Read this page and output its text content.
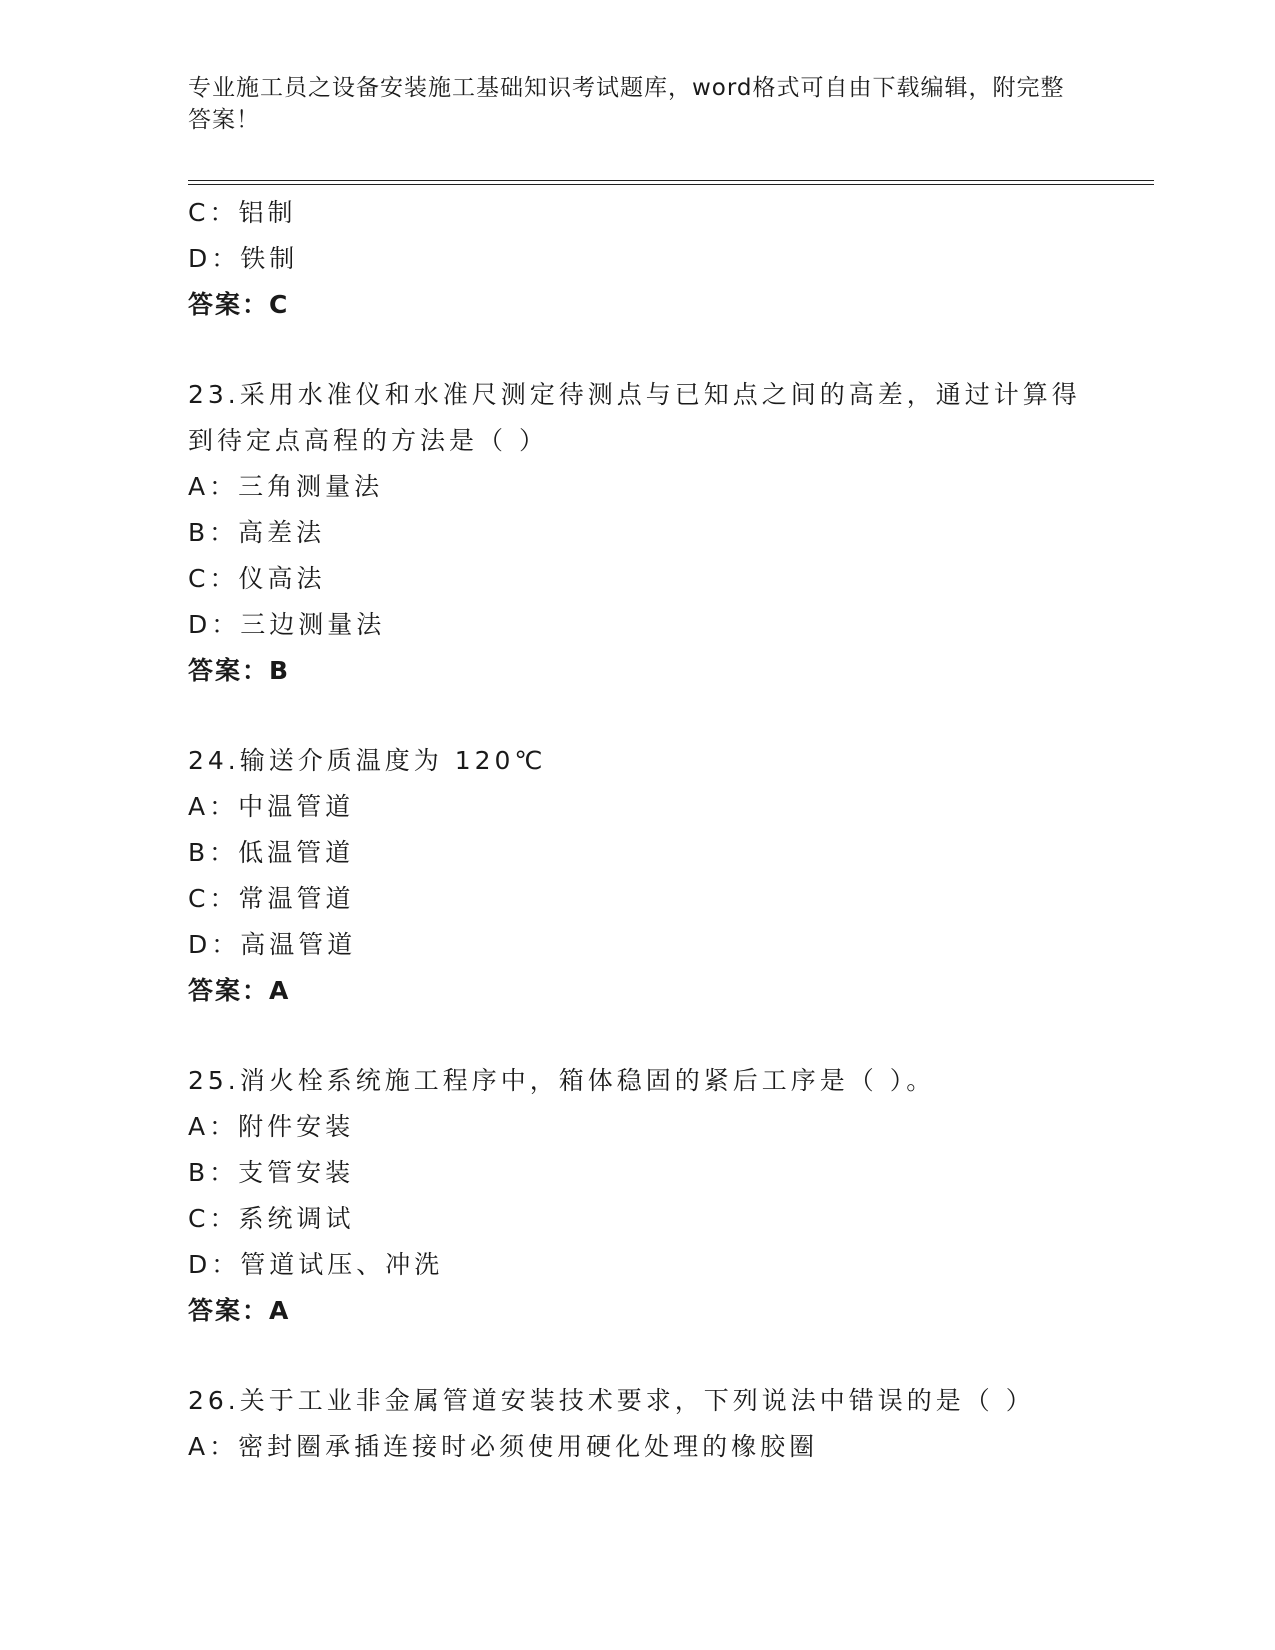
专业施工员之设备安装施工基础知识考试题库，word格式可自由下载编辑，附完整答案！
C：铝制
D：铁制
答案：C
23.采用水准仪和水准尺测定待测点与已知点之间的高差，通过计算得
到待定点高程的方法是（ ）
A：三角测量法
B：高差法
C：仪高法
D：三边测量法
答案：B
24.输送介质温度为 120℃
A：中温管道
B：低温管道
C：常温管道
D：高温管道
答案：A
25.消火栓系统施工程序中，箱体稳固的紧后工序是（ ）。
A：附件安装
B：支管安装
C：系统调试
D：管道试压、冲洗
答案：A
26.关于工业非金属管道安装技术要求，下列说法中错误的是（ ）
A：密封圈承插连接时必须使用硬化处理的橡胶圈
